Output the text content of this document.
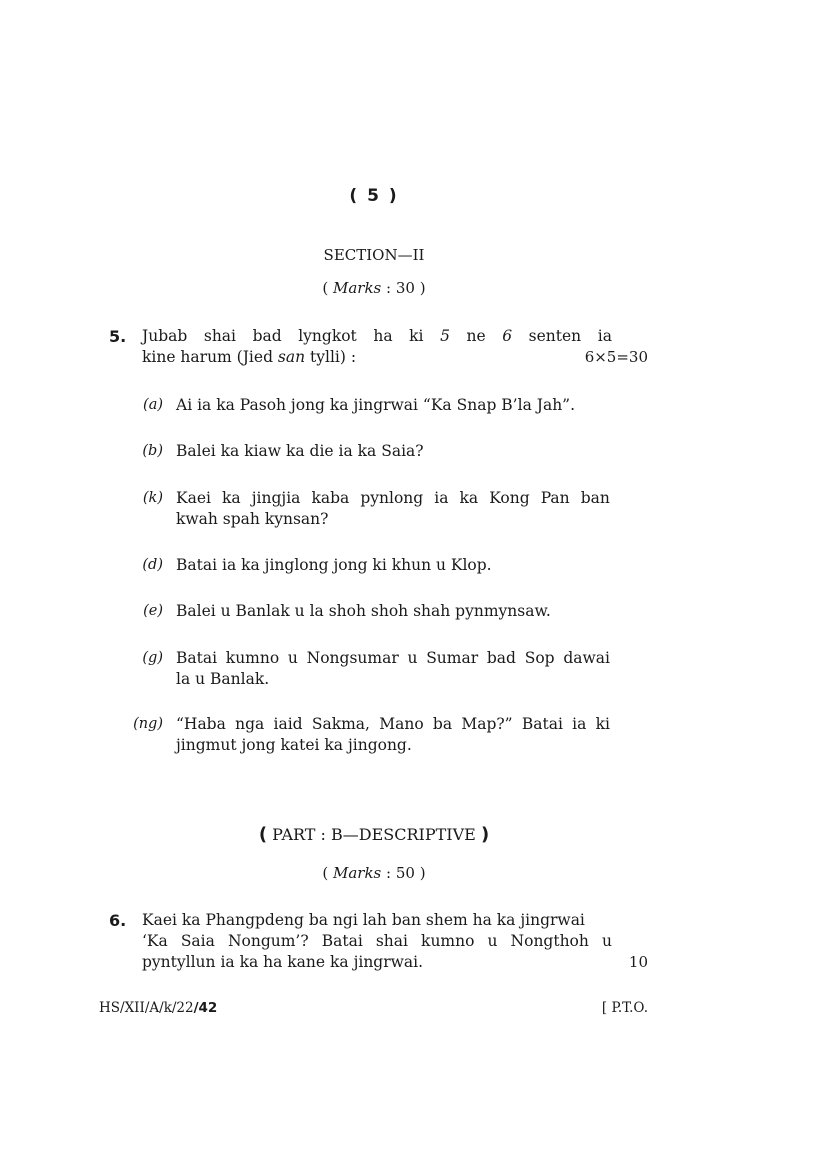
( 5 )
SECTION—II
( Marks : 30 )
5. Jubab shai bad lyngkot ha ki 5 ne 6 senten ia
kine harum (Jied san tylli) :	6×5=30
(a) Ai ia ka Pasoh jong ka jingrwai “Ka Snap B’la Jah”.
(b) Balei ka kiaw ka die ia ka Saia?
(k) Kaei ka jingjia kaba pynlong ia ka Kong Pan ban
kwah spah kynsan?
(d) Batai ia ka jinglong jong ki khun u Klop.
(e) Balei u Banlak u la shoh shoh shah pynmynsaw.
(g) Batai kumno u Nongsumar u Sumar bad Sop dawai
la u Banlak.
(ng) “Haba nga iaid Sakma, Mano ba Map?” Batai ia ki
jingmut jong katei ka jingong.
( PART : B—DESCRIPTIVE )
( Marks : 50 )
6. Kaei ka Phangpdeng ba ngi lah ban shem ha ka jingrwai
‘Ka Saia Nongum’? Batai shai kumno u Nongthoh u
pyntyllun ia ka ha kane ka jingrwai.	10
HS/XII/A/k/22/42	[ P.T.O.
